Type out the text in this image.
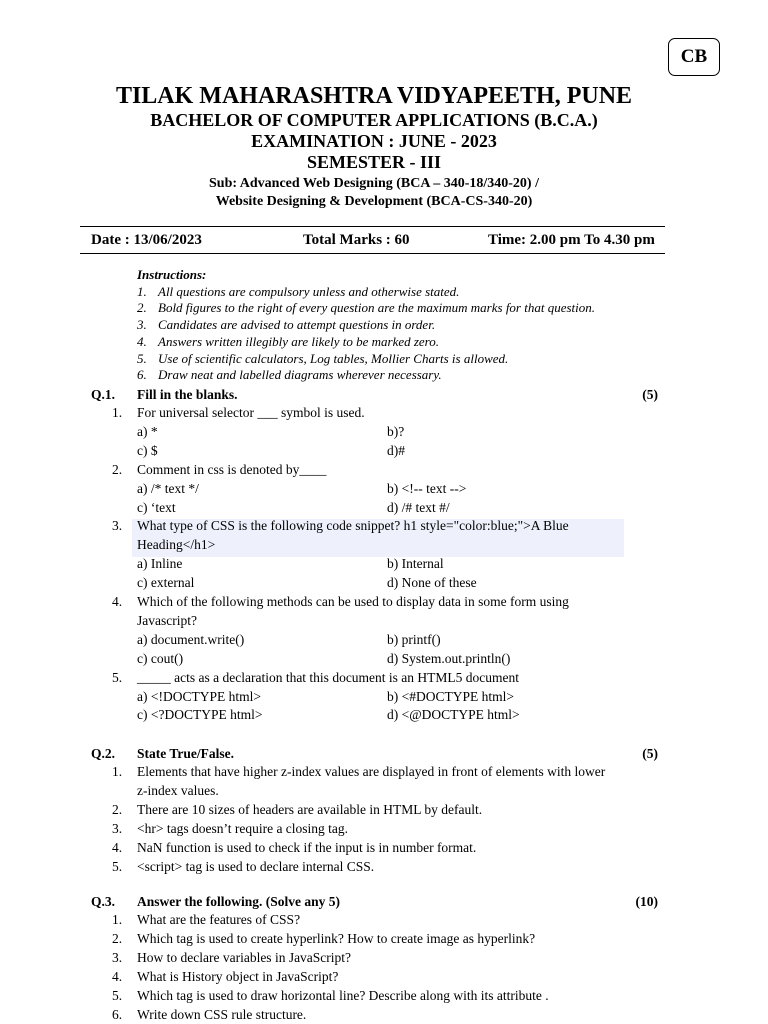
CB
TILAK MAHARASHTRA VIDYAPEETH, PUNE
BACHELOR OF COMPUTER APPLICATIONS (B.C.A.)
EXAMINATION : JUNE - 2023
SEMESTER - III
Sub: Advanced Web Designing (BCA – 340-18/340-20) /
Website Designing & Development (BCA-CS-340-20)
Date : 13/06/2023	Total Marks : 60	Time: 2.00 pm To 4.30 pm
Instructions:
1. All questions are compulsory unless and otherwise stated.
2. Bold figures to the right of every question are the maximum marks for that question.
3. Candidates are advised to attempt questions in order.
4. Answers written illegibly are likely to be marked zero.
5. Use of scientific calculators, Log tables, Mollier Charts is allowed.
6. Draw neat and labelled diagrams wherever necessary.
Q.1. Fill in the blanks.	(5)
1. For universal selector ___ symbol is used.
a) *	b)?
c) $	d)#
2. Comment in css is denoted by____
a) /* text */	b) <!-- text -->
c) ‘text	d) /# text #/
3. What type of CSS is the following code snippet? h1 style="color:blue;">A Blue
Heading</h1>
a) Inline	b) Internal
c) external	d) None of these
4. Which of the following methods can be used to display data in some form using
Javascript?
a) document.write()	b) printf()
c) cout()	d) System.out.println()
5. _____ acts as a declaration that this document is an HTML5 document
a) <!DOCTYPE html>	b) <#DOCTYPE html>
c) <?DOCTYPE html>	d) <@DOCTYPE html>
Q.2. State True/False.	(5)
1. Elements that have higher z-index values are displayed in front of elements with lower
z-index values.
2. There are 10 sizes of headers are available in HTML by default.
3. <hr> tags doesn’t require a closing tag.
4. NaN function is used to check if the input is in number format.
5. <script> tag is used to declare internal CSS.
Q.3. Answer the following. (Solve any 5)	(10)
1. What are the features of CSS?
2. Which tag is used to create hyperlink? How to create image as hyperlink?
3. How to declare variables in JavaScript?
4. What is History object in JavaScript?
5. Which tag is used to draw horizontal line? Describe along with its attribute .
6. Write down CSS rule structure.
